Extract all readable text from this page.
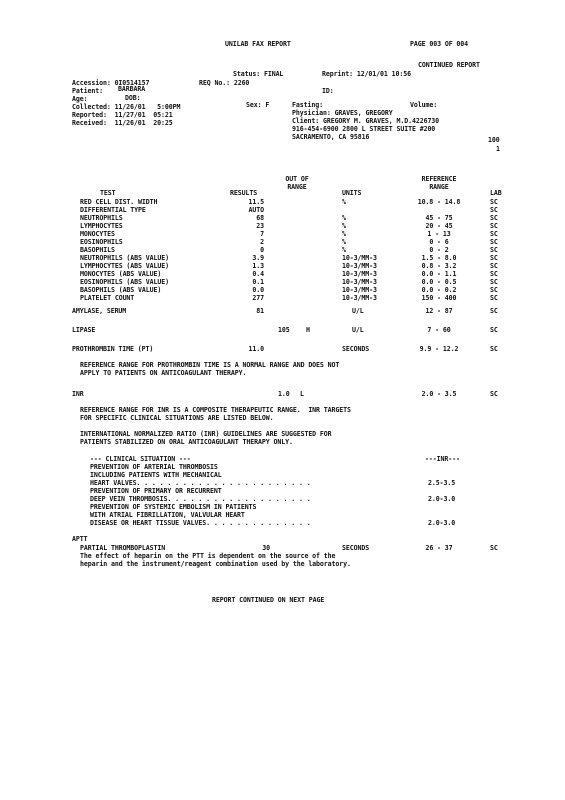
UNILAB FAX REPORT	PAGE 003 OF 004
CONTINUED REPORT
Status: FINAL	Reprint: 12/01/01 10:56
Accession: 0I0514157	REQ No.: 2260
ID:
Patient: BARBARA
Age:	DOB:
Sex: F	Fasting:	Volume:
Collected: 11/26/01   5:00PM
Reported:  11/27/01  05:21
Received:  11/26/01  20:25
Physician: GRAVES, GREGORY
Client: GREGORY M. GRAVES, M.D.4226730
916-454-6900 2800 L STREET SUITE #200
SACRAMENTO, CA 95816	100
1
TEST	RESULTS
OUT OF
RANGE
UNITS
REFERENCE
RANGE
LAB
RED CELL DIST. WIDTH	11.5	%	10.8 - 14.8	SC
DIFFERENTIAL TYPE	AUTO	SC
NEUTROPHILS	68	%	45 - 75	SC
LYMPHOCYTES	23	%	20 - 45	SC
MONOCYTES	7	%	1 - 13	SC
EOSINOPHILS	2	%	0 - 6	SC
BASOPHILS	0	%	0 - 2	SC
NEUTROPHILS (ABS VALUE)	3.9	10-3/MM-3	1.5 - 8.0	SC
LYMPHOCYTES (ABS VALUE)	1.3	10-3/MM-3	0.8 - 3.2	SC
MONOCYTES (ABS VALUE)	0.4	10-3/MM-3	0.0 - 1.1	SC
EOSINOPHILS (ABS VALUE)	0.1	10-3/MM-3	0.0 - 0.5	SC
BASOPHILS (ABS VALUE)	0.0	10-3/MM-3	0.0 - 0.2	SC
PLATELET COUNT	277	10-3/MM-3	150 - 400	SC
AMYLASE, SERUM	81	U/L	12 - 87	SC
LIPASE	105 H	U/L	7 - 60	SC
PROTHROMBIN TIME (PT)	11.0	SECONDS	9.9 - 12.2	SC
REFERENCE RANGE FOR PROTHROMBIN TIME IS A NORMAL RANGE AND DOES NOT
APPLY TO PATIENTS ON ANTICOAGULANT THERAPY.
INR	1.0 L	2.0 - 3.5	SC
REFERENCE RANGE FOR INR IS A COMPOSITE THERAPEUTIC RANGE.  INR TARGETS
FOR SPECIFIC CLINICAL SITUATIONS ARE LISTED BELOW.
INTERNATIONAL NORMALIZED RATIO (INR) GUIDELINES ARE SUGGESTED FOR
PATIENTS STABILIZED ON ORAL ANTICOAGULANT THERAPY ONLY.
--- CLINICAL SITUATION ---	---INR---
PREVENTION OF ARTERIAL THROMBOSIS
INCLUDING PATIENTS WITH MECHANICAL
HEART VALVES. . . . . . . . . . . . . . . . . . . . . . .	2.5-3.5
PREVENTION OF PRIMARY OR RECURRENT
DEEP VEIN THROMBOSIS. . . . . . . . . . . . . . . . . . .	2.0-3.0
PREVENTION OF SYSTEMIC EMBOLISM IN PATIENTS
WITH ATRIAL FIBRILLATION, VALVULAR HEART
DISEASE OR HEART TISSUE VALVES. . . . . . . . . . . . . .	2.0-3.0
APTT
PARTIAL THROMBOPLASTIN	30	SECONDS	26 - 37	SC
The effect of heparin on the PTT is dependent on the source of the
heparin and the instrument/reagent combination used by the laboratory.
REPORT CONTINUED ON NEXT PAGE
